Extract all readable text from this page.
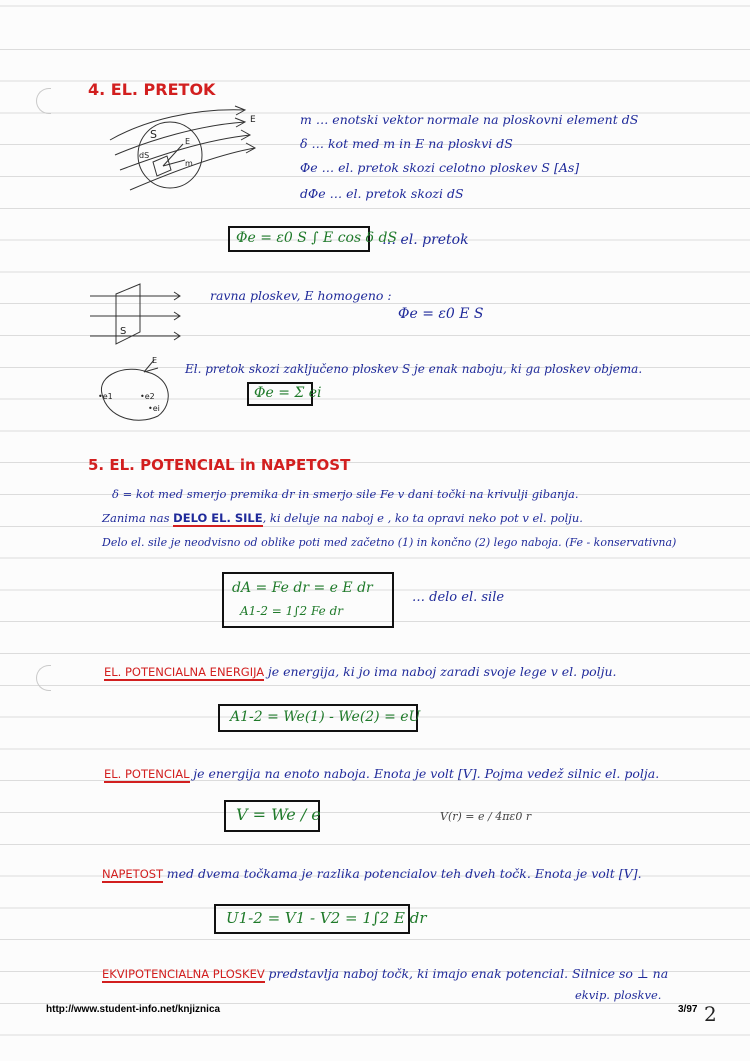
4. EL. PRETOK
S
dS
E
m
E	m … enotski vektor normale na ploskovni element dS
δ … kot med m in E na ploskvi dS
Φe … el. pretok skozi celotno ploskev S [As]
dΦe … el. pretok skozi dS
Φe = ε0 S ∫ E cos δ dS
… el. pretok
S
ravna ploskev, E homogeno :
Φe = ε0 E S
•e1	•e2
•ei
E
El. pretok skozi zaključeno ploskev S je enak naboju, ki ga ploskev objema.
Φe = Σ ei
5. EL. POTENCIAL in NAPETOST
δ = kot med smerjo premika dr in smerjo sile Fe v dani točki na krivulji gibanja.
Zanima nas DELO EL. SILE, ki deluje na naboj e , ko ta opravi neko pot v el. polju.
Delo el. sile je neodvisno od oblike poti med začetno (1) in končno (2) lego naboja. (Fe - konservativna)
dA = Fe dr = e E dr
A1-2 = 1∫2 Fe dr
… delo el. sile
EL. POTENCIALNA ENERGIJA je energija, ki jo ima naboj zaradi svoje lege v el. polju.
A1-2 = We(1) - We(2) = eU
EL. POTENCIAL je energija na enoto naboja. Enota je volt [V]. Pojma vedež silnic el. polja.
V = We / e	V(r) = e / 4πε0 r
NAPETOST med dvema točkama je razlika potencialov teh dveh točk. Enota je volt [V].
U1-2 = V1 - V2 = 1∫2 E dr
EKVIPOTENCIALNA PLOSKEV predstavlja naboj točk, ki imajo enak potencial. Silnice so ⊥ na
ekvip. ploskve.
http://www.student-info.net/knjiznica	3/97 2
